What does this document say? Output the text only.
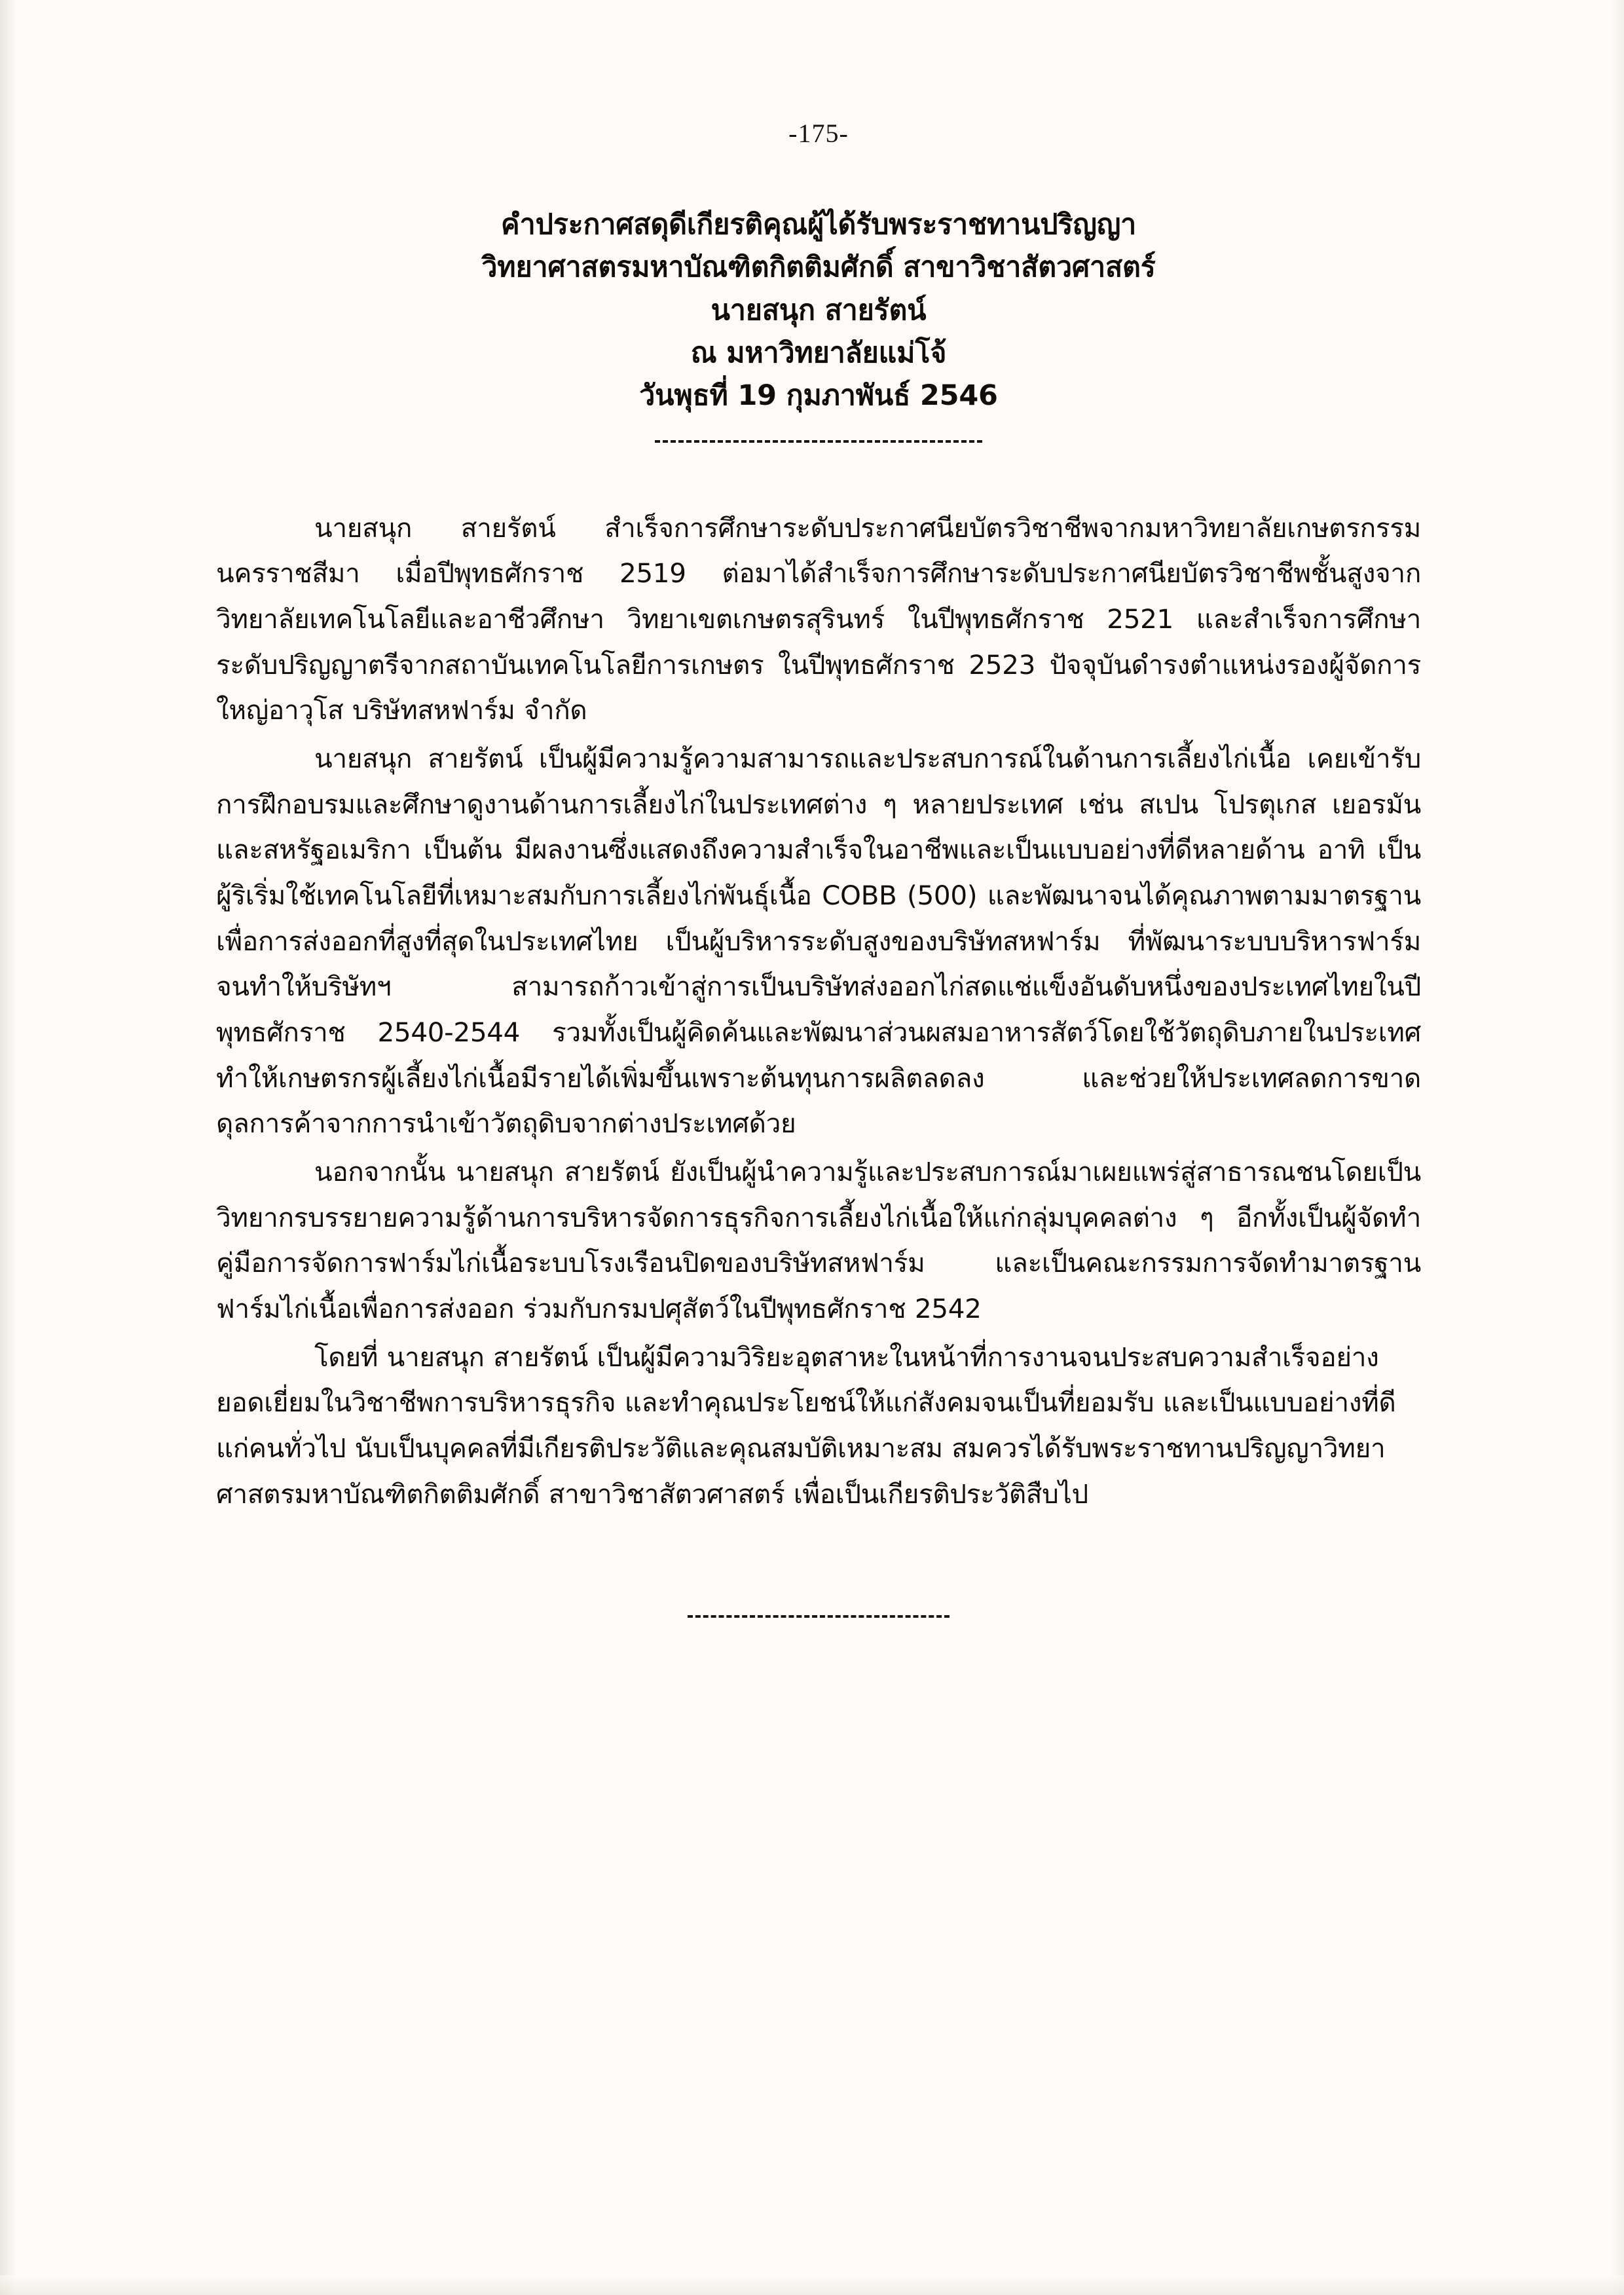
-175-
คำประกาศสดุดีเกียรติคุณผู้ได้รับพระราชทานปริญญา
วิทยาศาสตรมหาบัณฑิตกิตติมศักดิ์ สาขาวิชาสัตวศาสตร์
นายสนุก สายรัตน์
ณ มหาวิทยาลัยแม่โจ้
วันพุธที่ 19 กุมภาพันธ์ 2546

นายสนุก สายรัตน์ สำเร็จการศึกษาระดับประกาศนียบัตรวิชาชีพจากมหาวิทยาลัยเกษตรกรรมนครราชสีมา เมื่อปีพุทธศักราช 2519 ต่อมาได้สำเร็จการศึกษาระดับประกาศนียบัตรวิชาชีพชั้นสูงจากวิทยาลัยเทคโนโลยีและอาชีวศึกษา วิทยาเขตเกษตรสุรินทร์ ในปีพุทธศักราช 2521 และสำเร็จการศึกษาระดับปริญญาตรีจากสถาบันเทคโนโลยีการเกษตร ในปีพุทธศักราช 2523 ปัจจุบันดำรงตำแหน่งรองผู้จัดการใหญ่อาวุโส บริษัทสหฟาร์ม จำกัด

นายสนุก สายรัตน์ เป็นผู้มีความรู้ความสามารถและประสบการณ์ในด้านการเลี้ยงไก่เนื้อ เคยเข้ารับการฝึกอบรมและศึกษาดูงานด้านการเลี้ยงไก่ในประเทศต่าง ๆ หลายประเทศ เช่น สเปน โปรตุเกส เยอรมัน และสหรัฐอเมริกา เป็นต้น มีผลงานซึ่งแสดงถึงความสำเร็จในอาชีพและเป็นแบบอย่างที่ดีหลายด้าน อาทิ เป็นผู้ริเริ่มใช้เทคโนโลยีที่เหมาะสมกับการเลี้ยงไก่พันธุ์เนื้อ COBB (500) และพัฒนาจนได้คุณภาพตามมาตรฐานเพื่อการส่งออกที่สูงที่สุดในประเทศไทย เป็นผู้บริหารระดับสูงของบริษัทสหฟาร์ม ที่พัฒนาระบบบริหารฟาร์ม จนทำให้บริษัทฯ สามารถก้าวเข้าสู่การเป็นบริษัทส่งออกไก่สดแช่แข็งอันดับหนึ่งของประเทศไทยในปีพุทธศักราช 2540-2544 รวมทั้งเป็นผู้คิดค้นและพัฒนาส่วนผสมอาหารสัตว์โดยใช้วัตถุดิบภายในประเทศทำให้เกษตรกรผู้เลี้ยงไก่เนื้อมีรายได้เพิ่มขึ้นเพราะต้นทุนการผลิตลดลง และช่วยให้ประเทศลดการขาดดุลการค้าจากการนำเข้าวัตถุดิบจากต่างประเทศด้วย

นอกจากนั้น นายสนุก สายรัตน์ ยังเป็นผู้นำความรู้และประสบการณ์มาเผยแพร่สู่สาธารณชนโดยเป็นวิทยากรบรรยายความรู้ด้านการบริหารจัดการธุรกิจการเลี้ยงไก่เนื้อให้แก่กลุ่มบุคคลต่าง ๆ อีกทั้งเป็นผู้จัดทำคู่มือการจัดการฟาร์มไก่เนื้อระบบโรงเรือนปิดของบริษัทสหฟาร์ม และเป็นคณะกรรมการจัดทำมาตรฐานฟาร์มไก่เนื้อเพื่อการส่งออก ร่วมกับกรมปศุสัตว์ในปีพุทธศักราช 2542

โดยที่ นายสนุก สายรัตน์ เป็นผู้มีความวิริยะอุตสาหะในหน้าที่การงานจนประสบความสำเร็จอย่างยอดเยี่ยมในวิชาชีพการบริหารธุรกิจ และทำคุณประโยชน์ให้แก่สังคมจนเป็นที่ยอมรับ และเป็นแบบอย่างที่ดีแก่คนทั่วไป นับเป็นบุคคลที่มีเกียรติประวัติและคุณสมบัติเหมาะสม สมควรได้รับพระราชทานปริญญาวิทยาศาสตรมหาบัณฑิตกิตติมศักดิ์ สาขาวิชาสัตวศาสตร์ เพื่อเป็นเกียรติประวัติสืบไป
